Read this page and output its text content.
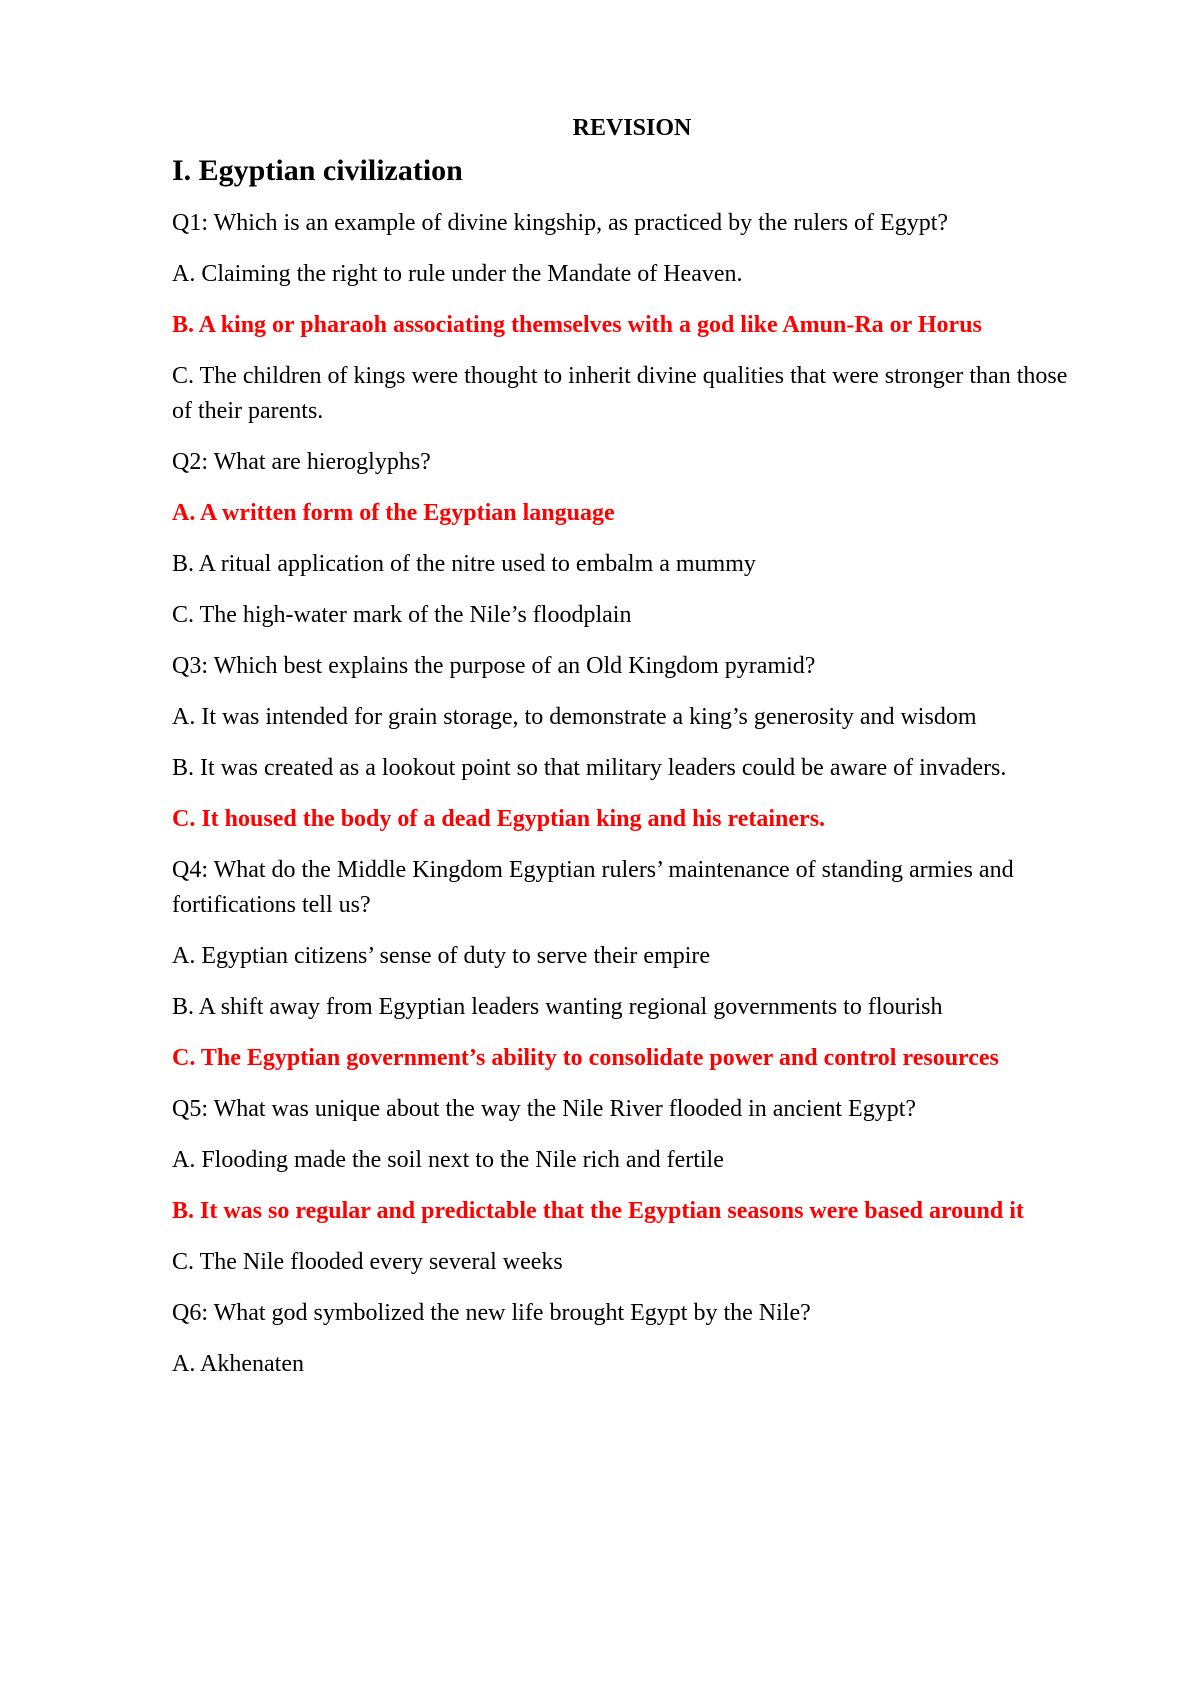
REVISION
I. Egyptian civilization
Q1: Which is an example of divine kingship, as practiced by the rulers of Egypt?
A. Claiming the right to rule under the Mandate of Heaven.
B. A king or pharaoh associating themselves with a god like Amun-Ra or Horus
C. The children of kings were thought to inherit divine qualities that were stronger than those of their parents.
Q2: What are hieroglyphs?
A. A written form of the Egyptian language
B. A ritual application of the nitre used to embalm a mummy
C. The high-water mark of the Nile’s floodplain
Q3: Which best explains the purpose of an Old Kingdom pyramid?
A. It was intended for grain storage, to demonstrate a king’s generosity and wisdom
B. It was created as a lookout point so that military leaders could be aware of invaders.
C. It housed the body of a dead Egyptian king and his retainers.
Q4: What do the Middle Kingdom Egyptian rulers’ maintenance of standing armies and fortifications tell us?
A. Egyptian citizens’ sense of duty to serve their empire
B. A shift away from Egyptian leaders wanting regional governments to flourish
C. The Egyptian government’s ability to consolidate power and control resources
Q5: What was unique about the way the Nile River flooded in ancient Egypt?
A. Flooding made the soil next to the Nile rich and fertile
B. It was so regular and predictable that the Egyptian seasons were based around it
C. The Nile flooded every several weeks
Q6: What god symbolized the new life brought Egypt by the Nile?
A. Akhenaten
